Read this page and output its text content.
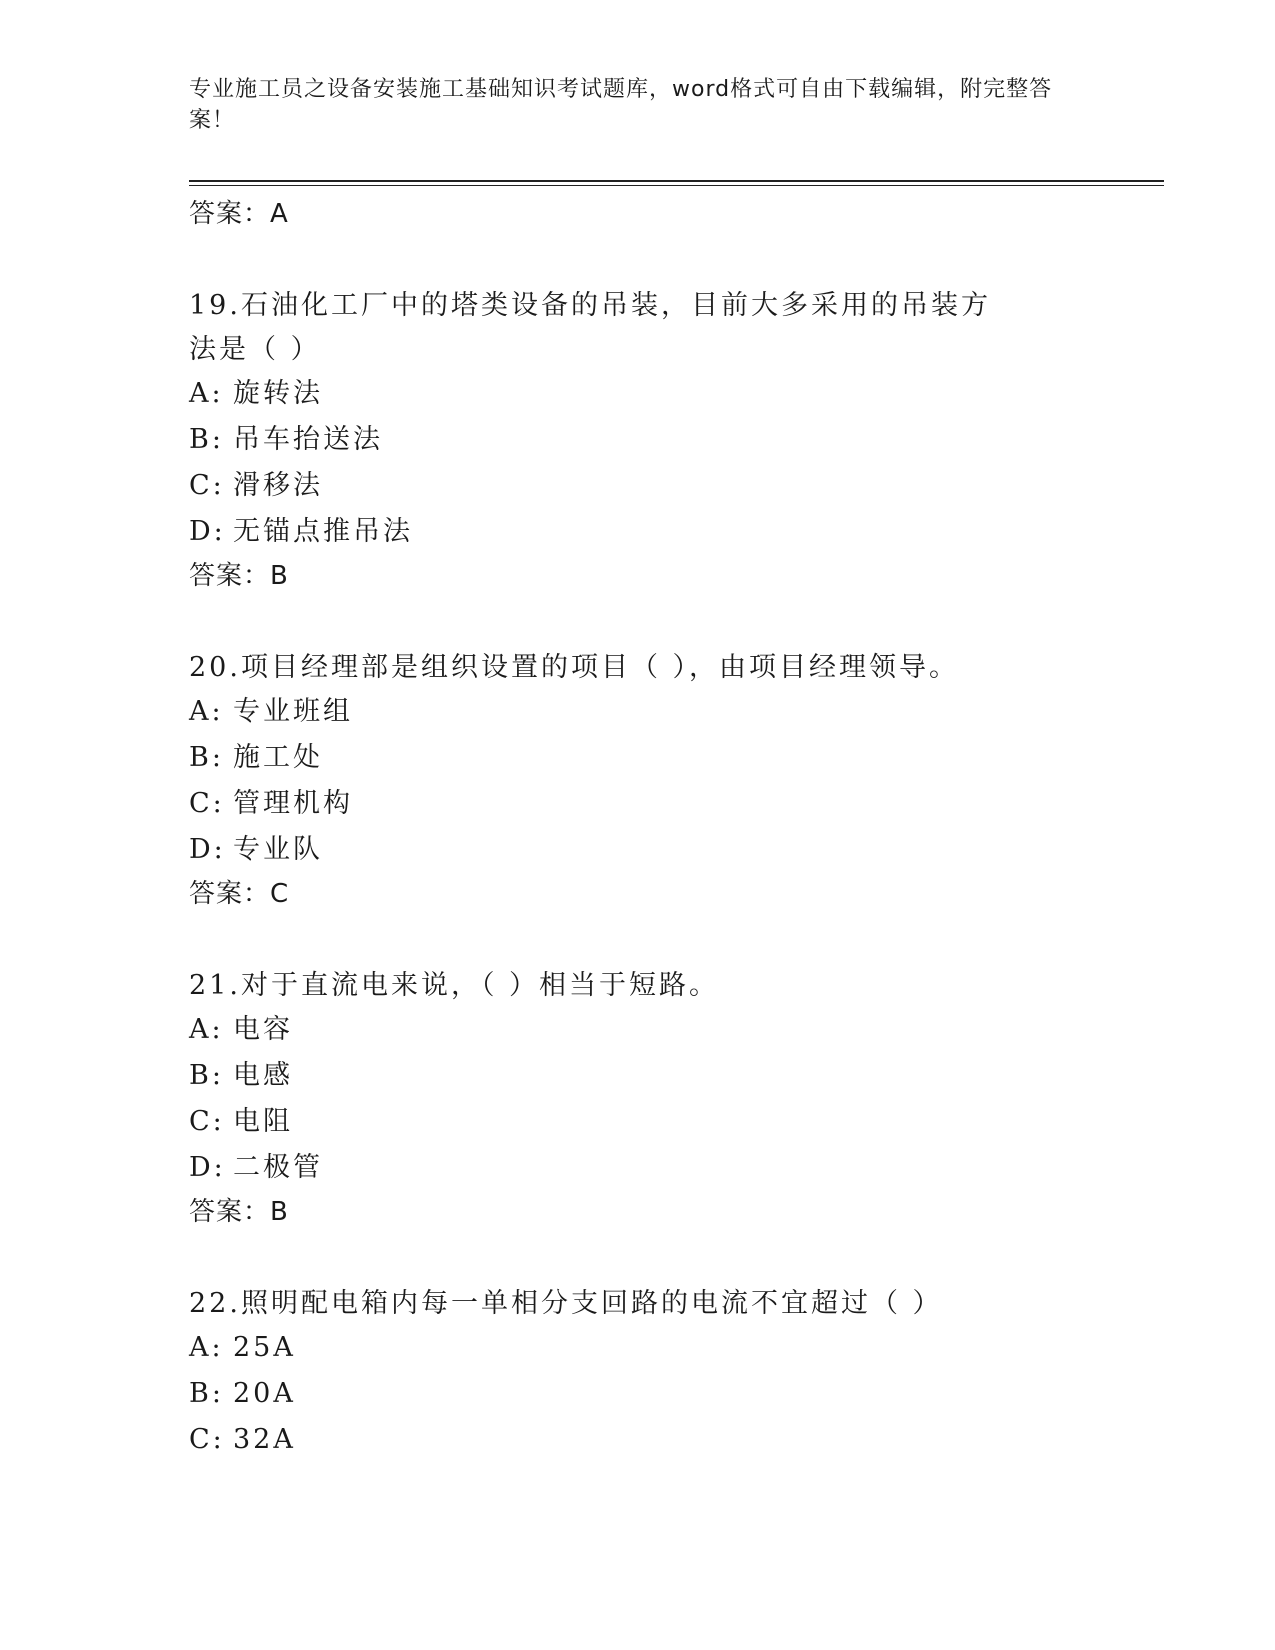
专业施工员之设备安装施工基础知识考试题库，word格式可自由下载编辑，附完整答案！
答案：A
19.石油化工厂中的塔类设备的吊装，目前大多采用的吊装方法是（ ）
A: 旋转法
B: 吊车抬送法
C: 滑移法
D: 无锚点推吊法
答案：B
20.项目经理部是组织设置的项目（ ），由项目经理领导。
A: 专业班组
B: 施工处
C: 管理机构
D: 专业队
答案：C
21.对于直流电来说，（ ）相当于短路。
A: 电容
B: 电感
C: 电阻
D: 二极管
答案：B
22.照明配电箱内每一单相分支回路的电流不宜超过（ ）
A: 25A
B: 20A
C: 32A
